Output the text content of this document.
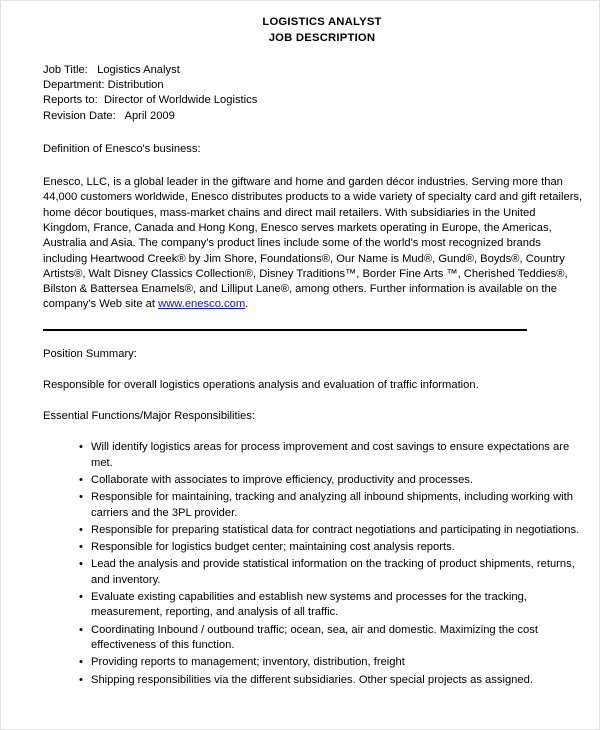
LOGISTICS ANALYST
JOB DESCRIPTION
Job Title: Logistics Analyst
Department: Distribution
Reports to: Director of Worldwide Logistics
Revision Date: April 2009
Definition of Enesco's business:

Enesco, LLC, is a global leader in the giftware and home and garden décor industries. Serving more than 44,000 customers worldwide, Enesco distributes products to a wide variety of specialty card and gift retailers, home décor boutiques, mass-market chains and direct mail retailers. With subsidiaries in the United Kingdom, France, Canada and Hong Kong, Enesco serves markets operating in Europe, the Americas, Australia and Asia. The company's product lines include some of the world's most recognized brands including Heartwood Creek® by Jim Shore, Foundations®, Our Name is Mud®, Gund®, Boyds®, Country Artists®, Walt Disney Classics Collection®, Disney Traditions™, Border Fine Arts ™, Cherished Teddies®, Bilston & Battersea Enamels®, and Lilliput Lane®, among others. Further information is available on the company's Web site at www.enesco.com.

Position Summary:

Responsible for overall logistics operations analysis and evaluation of traffic information.

Essential Functions/Major Responsibilities:
• Will identify logistics areas for process improvement and cost savings to ensure expectations are met.
• Collaborate with associates to improve efficiency, productivity and processes.
• Responsible for maintaining, tracking and analyzing all inbound shipments, including working with carriers and the 3PL provider.
• Responsible for preparing statistical data for contract negotiations and participating in negotiations.
• Responsible for logistics budget center; maintaining cost analysis reports.
• Lead the analysis and provide statistical information on the tracking of product shipments, returns, and inventory.
• Evaluate existing capabilities and establish new systems and processes for the tracking, measurement, reporting, and analysis of all traffic.
• Coordinating Inbound / outbound traffic; ocean, sea, air and domestic. Maximizing the cost effectiveness of this function.
• Providing reports to management; inventory, distribution, freight
• Shipping responsibilities via the different subsidiaries. Other special projects as assigned.
